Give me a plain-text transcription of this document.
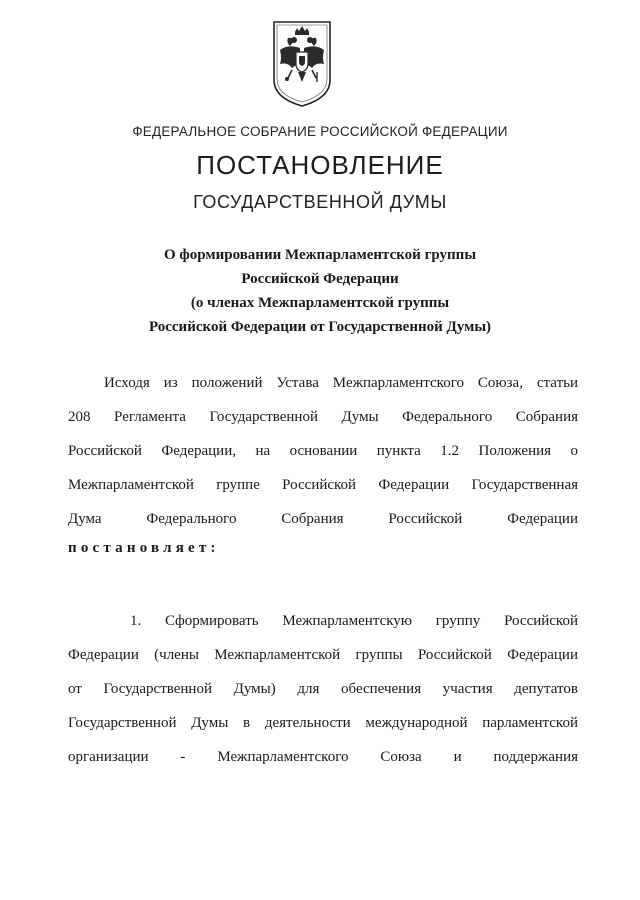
ФЕДЕРАЛЬНОЕ СОБРАНИЕ РОССИЙСКОЙ ФЕДЕРАЦИИ
ПОСТАНОВЛЕНИЕ
ГОСУДАРСТВЕННОЙ ДУМЫ
О формировании Межпарламентской группы
Российской Федерации
(о членах Межпарламентской группы
Российской Федерации от Государственной Думы)
Исходя из положений Устава Межпарламентского Союза, статьи
208 Регламента Государственной Думы Федерального Собрания
Российской Федерации, на основании пункта 1.2 Положения о
Межпарламентской группе Российской Федерации Государственная
Дума Федерального Собрания Российской Федерации
постановляет:
1. Сформировать Межпарламентскую группу Российской
Федерации (члены Межпарламентской группы Российской Федерации
от Государственной Думы) для обеспечения участия депутатов
Государственной Думы в деятельности международной парламентской
организации - Межпарламентского Союза и поддержания
